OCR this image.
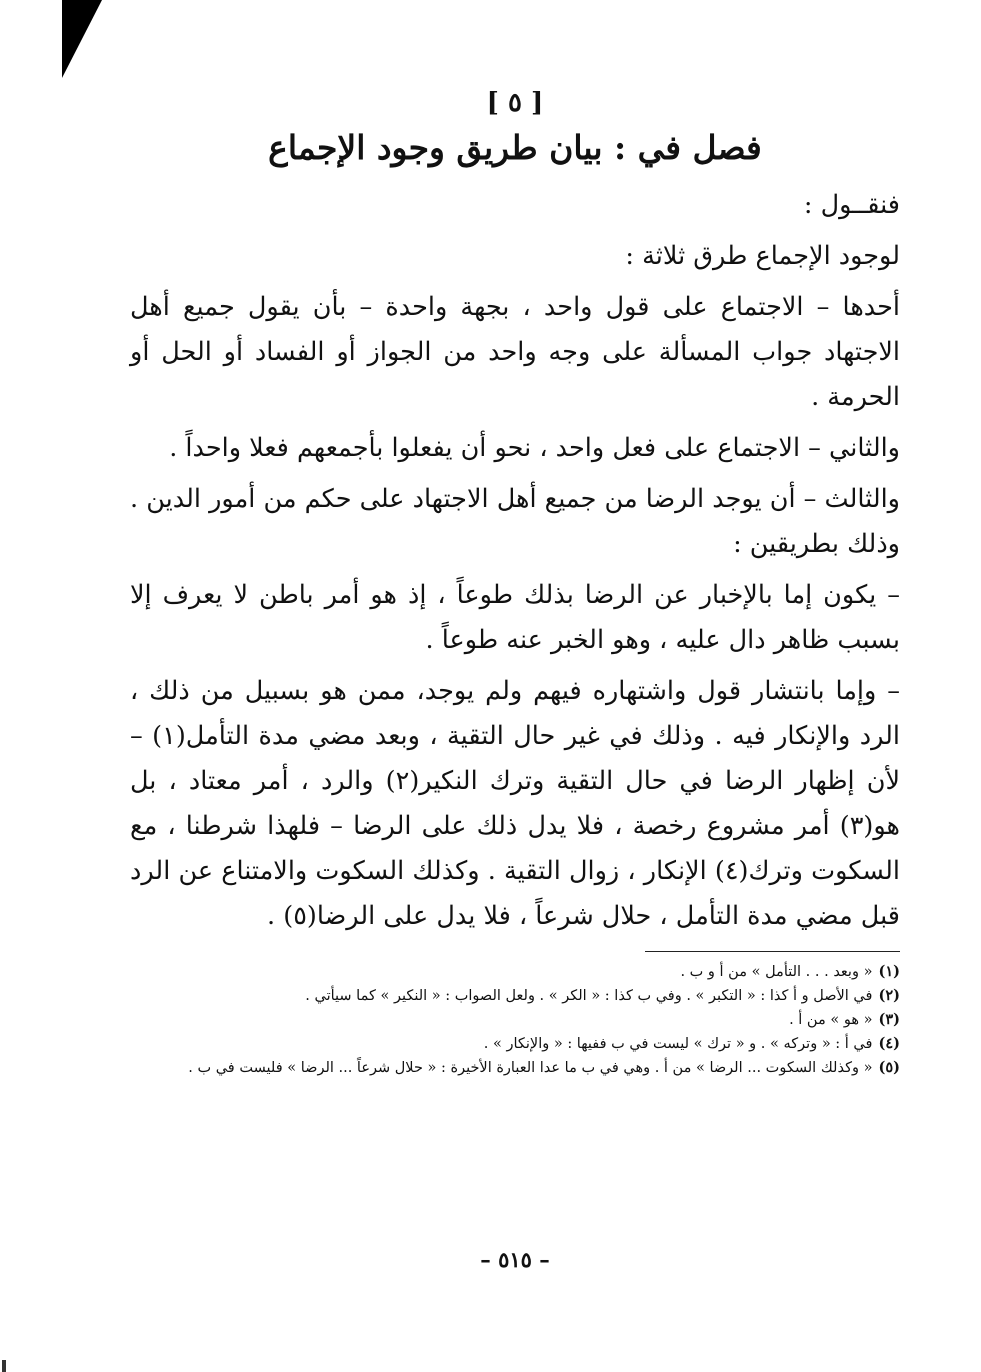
[ ٥ ]
فصل في : بيان طريق وجود الإجماع

فنقــول :

لوجود الإجماع طرق ثلاثة :

أحدها – الاجتماع على قول واحد ، بجهة واحدة – بأن يقول جميع أهل الاجتهاد جواب المسألة على وجه واحد من الجواز أو الفساد أو الحل أو الحرمة .

والثاني – الاجتماع على فعل واحد ، نحو أن يفعلوا بأجمعهم فعلا واحداً .

والثالث – أن يوجد الرضا من جميع أهل الاجتهاد على حكم من أمور الدين . وذلك بطريقين :

– يكون إما بالإخبار عن الرضا بذلك طوعاً ، إذ هو أمر باطن لا يعرف إلا بسبب ظاهر دال عليه ، وهو الخبر عنه طوعاً .

– وإما بانتشار قول واشتهاره فيهم ولم يوجد، ممن هو بسبيل من ذلك ، الرد والإنكار فيه . وذلك في غير حال التقية ، وبعد مضي مدة التأمل(١) – لأن إظهار الرضا في حال التقية وترك النكير(٢) والرد ، أمر معتاد ، بل هو(٣) أمر مشروع رخصة ، فلا يدل ذلك على الرضا – فلهذا شرطنا ، مع السكوت وترك(٤) الإنكار ، زوال التقية . وكذلك السكوت والامتناع عن الرد قبل مضي مدة التأمل ، حلال شرعاً ، فلا يدل على الرضا(٥) .

(١)« وبعد . . . التأمل » من أ و ب .

(٢)في الأصل و أ كذا : « التكبر » . وفي ب كذا : « الكر » . ولعل الصواب : « النكير » كما سيأتي .

(٣)« هو » من أ .

(٤)في أ : « وتركه » . و « ترك » ليست في ب ففيها : « والإنكار » .

(٥)« وكذلك السكوت ... الرضا » من أ . وهي في ب ما عدا العبارة الأخيرة : « حلال شرعاً ... الرضا » فليست في ب .

– ٥١٥ –
